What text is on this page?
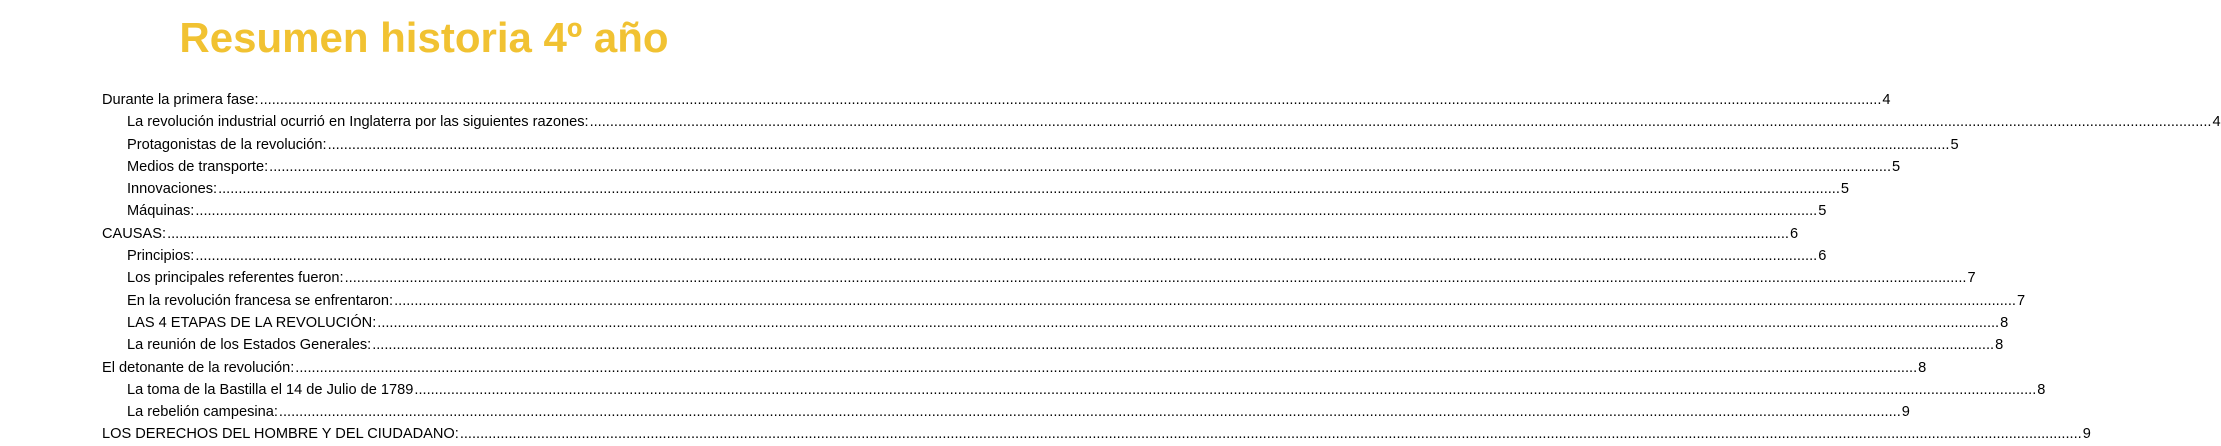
Resumen historia 4º año
Durante la primera fase: ................................................................................................................................................................................................................................................................................................................................................................................................................ 4
La revolución industrial ocurrió en Inglaterra por las siguientes razones: ................................................................................................................................................................................................................................................................................................................................................................................................................ 4
Protagonistas de la revolución: ................................................................................................................................................................................................................................................................................................................................................................................................................ 5
Medios de transporte: ................................................................................................................................................................................................................................................................................................................................................................................................................ 5
Innovaciones: ................................................................................................................................................................................................................................................................................................................................................................................................................ 5
Máquinas: ................................................................................................................................................................................................................................................................................................................................................................................................................ 5
CAUSAS: ................................................................................................................................................................................................................................................................................................................................................................................................................ 6
Principios: ................................................................................................................................................................................................................................................................................................................................................................................................................ 6
Los principales referentes fueron: ................................................................................................................................................................................................................................................................................................................................................................................................................ 7
En la revolución francesa se enfrentaron: ................................................................................................................................................................................................................................................................................................................................................................................................................ 7
LAS 4 ETAPAS DE LA REVOLUCIÓN: ................................................................................................................................................................................................................................................................................................................................................................................................................ 8
La reunión de los Estados Generales: ................................................................................................................................................................................................................................................................................................................................................................................................................ 8
El detonante de la revolución: ................................................................................................................................................................................................................................................................................................................................................................................................................ 8
La toma de la Bastilla el 14 de Julio de 1789 ................................................................................................................................................................................................................................................................................................................................................................................................................ 8
La rebelión campesina: ................................................................................................................................................................................................................................................................................................................................................................................................................ 9
LOS DERECHOS DEL HOMBRE Y DEL CIUDADANO: ................................................................................................................................................................................................................................................................................................................................................................................................................ 9
